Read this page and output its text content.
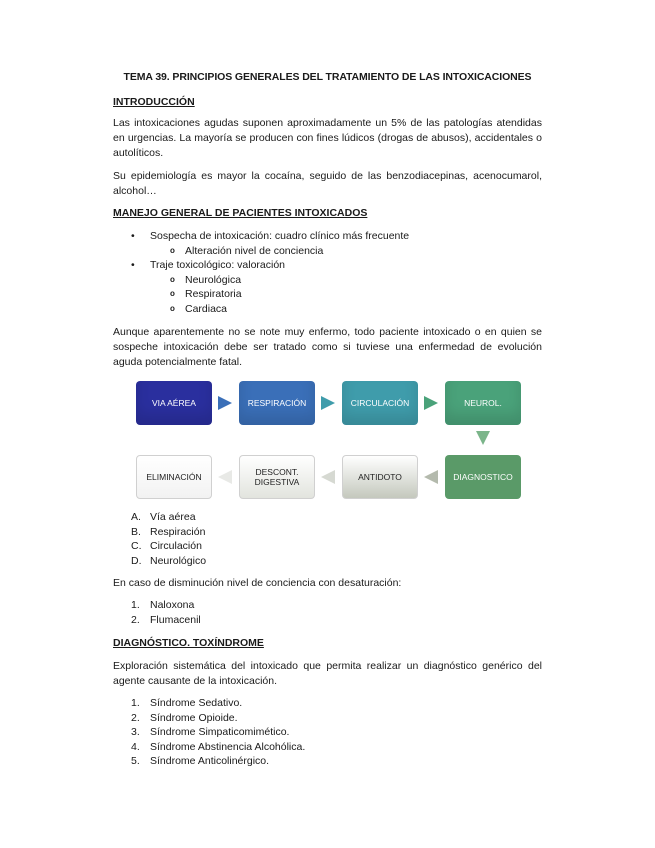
TEMA 39. PRINCIPIOS GENERALES DEL TRATAMIENTO DE LAS INTOXICACIONES
INTRODUCCIÓN

Las intoxicaciones agudas suponen aproximadamente un 5% de las patologías atendidas en urgencias. La mayoría se producen con fines lúdicos (drogas de abusos), accidentales o autolíticos.

Su epidemiología es mayor la cocaína, seguido de las benzodiacepinas, acenocumarol, alcohol…

MANEJO GENERAL DE PACIENTES INTOXICADOS
• Sospecha de intoxicación: cuadro clínico más frecuente
o Alteración nivel de conciencia
• Traje toxicológico: valoración
o Neurológica
o Respiratoria
o Cardiaca

Aunque aparentemente no se note muy enfermo, todo paciente intoxicado o en quien se sospeche intoxicación debe ser tratado como si tuviese una enfermedad de evolución aguda potencialmente fatal.

VIA AÉREA	RESPIRACIÓN	CIRCULACIÓN	NEUROL.
DIAGNOSTICO
ANTIDOTO
DESCONT. DIGESTIVA
ELIMINACIÓN
A. Vía aérea
B. Respiración
C. Circulación
D. Neurológico

En caso de disminución nivel de conciencia con desaturación:

1. Naloxona
2. Flumacenil
DIAGNÓSTICO. TOXÍNDROME

Exploración sistemática del intoxicado que permita realizar un diagnóstico genérico del agente causante de la intoxicación.

1. Síndrome Sedativo.
2. Síndrome Opioide.
3. Síndrome Simpaticomimético.
4. Síndrome Abstinencia Alcohólica.
5. Síndrome Anticolinérgico.
